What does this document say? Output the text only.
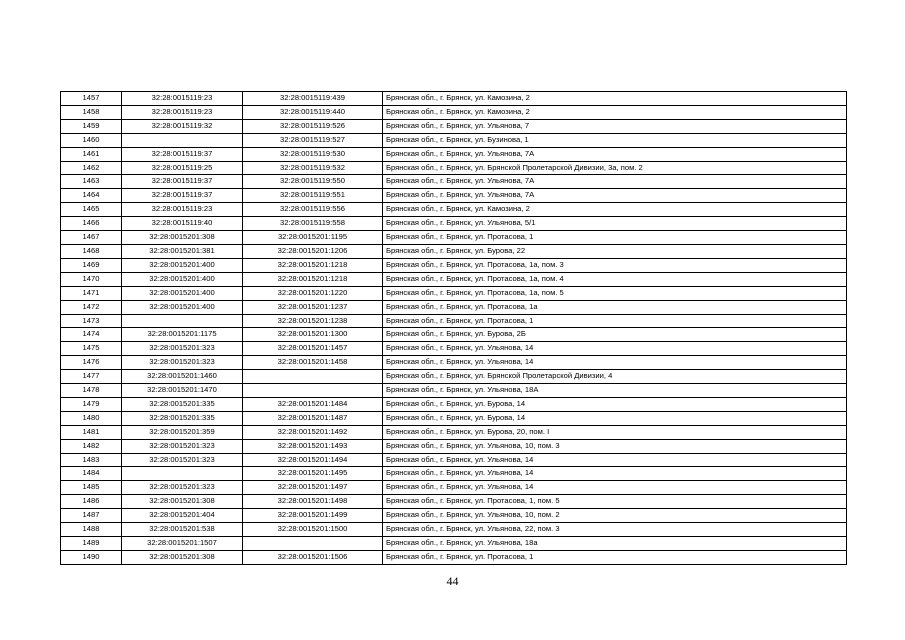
1457	32:28:0015119:23	32:28:0015119:439	Брянская обл., г. Брянск, ул. Камозина, 2
1458	32:28:0015119:23	32:28:0015119:440	Брянская обл., г. Брянск, ул. Камозина, 2
1459	32:28:0015119:32	32:28:0015119:526	Брянская обл., г. Брянск, ул. Ульянова, 7
1460		32:28:0015119:527	Брянская обл., г. Брянск, ул. Бузинова, 1
1461	32:28:0015119:37	32:28:0015119:530	Брянская обл., г. Брянск, ул. Ульянова, 7А
1462	32:28:0015119:25	32:28:0015119:532	Брянская обл., г. Брянск, ул. Брянской Пролетарской Дивизии, 3а, пом. 2
1463	32:28:0015119:37	32:28:0015119:550	Брянская обл., г. Брянск, ул. Ульянова, 7А
1464	32:28:0015119:37	32:28:0015119:551	Брянская обл., г. Брянск, ул. Ульянова, 7А
1465	32:28:0015119:23	32:28:0015119:556	Брянская обл., г. Брянск, ул. Камозина, 2
1466	32:28:0015119:40	32:28:0015119:558	Брянская обл., г. Брянск, ул. Ульянова, 5/1
1467	32:28:0015201:308	32:28:0015201:1195	Брянская обл., г. Брянск, ул. Протасова, 1
1468	32:28:0015201:381	32:28:0015201:1206	Брянская обл., г. Брянск, ул. Бурова, 22
1469	32:28:0015201:400	32:28:0015201:1218	Брянская обл., г. Брянск, ул. Протасова, 1а, пом. 3
1470	32:28:0015201:400	32:28:0015201:1218	Брянская обл., г. Брянск, ул. Протасова, 1а, пом. 4
1471	32:28:0015201:400	32:28:0015201:1220	Брянская обл., г. Брянск, ул. Протасова, 1а, пом. 5
1472	32:28:0015201:400	32:28:0015201:1237	Брянская обл., г. Брянск, ул. Протасова, 1а
1473		32:28:0015201:1238	Брянская обл., г. Брянск, ул. Протасова, 1
1474	32:28:0015201:1175	32:28:0015201:1300	Брянская обл., г. Брянск, ул. Бурова, 2Б
1475	32:28:0015201:323	32:28:0015201:1457	Брянская обл., г. Брянск, ул. Ульянова, 14
1476	32:28:0015201:323	32:28:0015201:1458	Брянская обл., г. Брянск, ул. Ульянова, 14
1477	32:28:0015201:1460		Брянская обл., г. Брянск, ул. Брянской Пролетарской Дивизии, 4
1478	32:28:0015201:1470		Брянская обл., г. Брянск, ул. Ульянова, 18А
1479	32:28:0015201:335	32:28:0015201:1484	Брянская обл., г. Брянск, ул. Бурова, 14
1480	32:28:0015201:335	32:28:0015201:1487	Брянская обл., г. Брянск, ул. Бурова, 14
1481	32:28:0015201:359	32:28:0015201:1492	Брянская обл., г. Брянск, ул. Бурова, 20, пом. I
1482	32:28:0015201:323	32:28:0015201:1493	Брянская обл., г. Брянск, ул. Ульянова, 10, пом. 3
1483	32:28:0015201:323	32:28:0015201:1494	Брянская обл., г. Брянск, ул. Ульянова, 14
1484		32:28:0015201:1495	Брянская обл., г. Брянск, ул. Ульянова, 14
1485	32:28:0015201:323	32:28:0015201:1497	Брянская обл., г. Брянск, ул. Ульянова, 14
1486	32:28:0015201:308	32:28:0015201:1498	Брянская обл., г. Брянск, ул. Протасова, 1, пом. 5
1487	32:28:0015201:404	32:28:0015201:1499	Брянская обл., г. Брянск, ул. Ульянова, 10, пом. 2
1488	32:28:0015201:538	32:28:0015201:1500	Брянская обл., г. Брянск, ул. Ульянова, 22, пом. 3
1489	32:28:0015201:1507		Брянская обл., г. Брянск, ул. Ульянова, 18а
1490	32:28:0015201:308	32:28:0015201:1506	Брянская обл., г. Брянск, ул. Протасова, 1
44
